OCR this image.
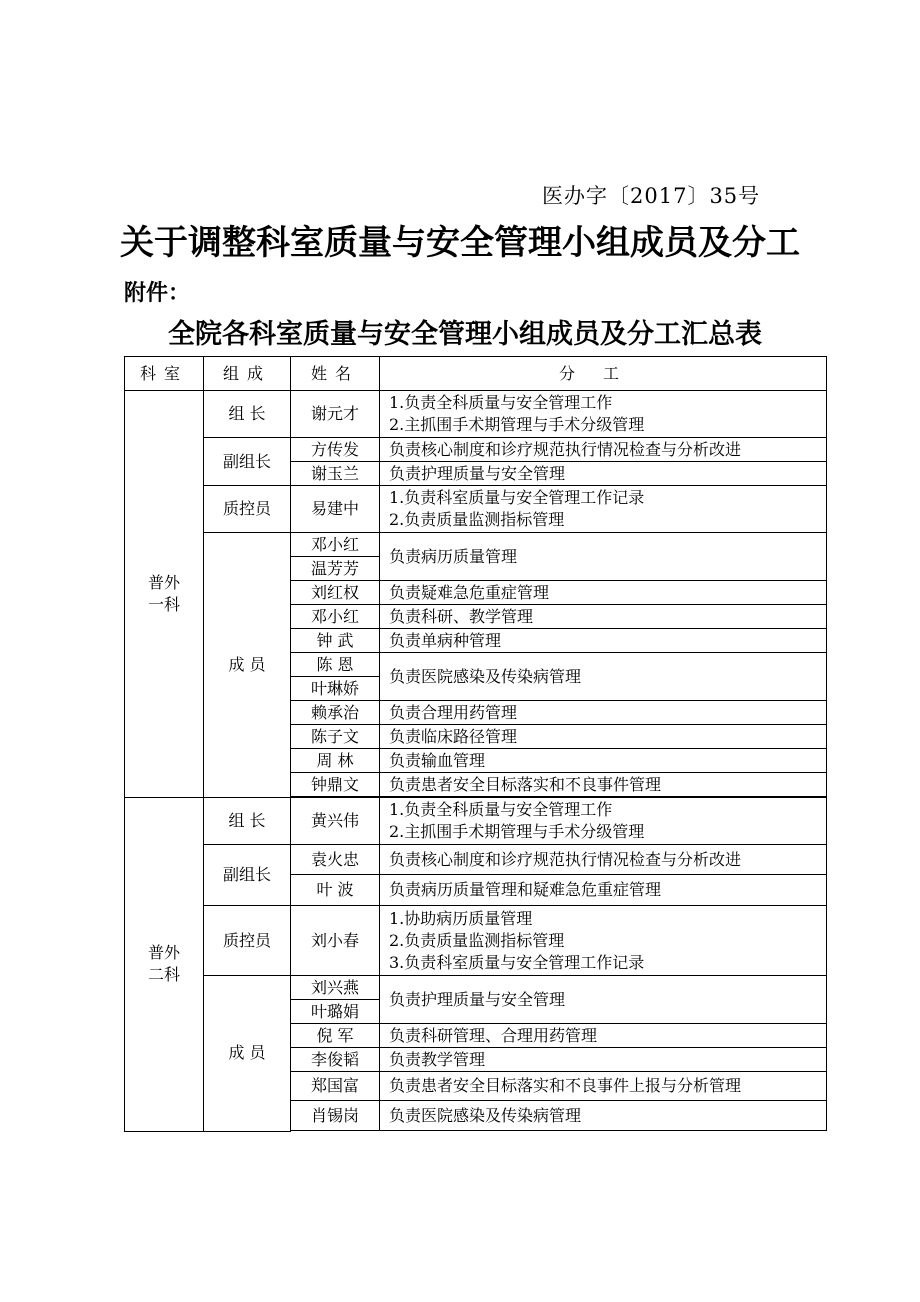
医办字〔2017〕35号
关于调整科室质量与安全管理小组成员及分工
附件：
全院各科室质量与安全管理小组成员及分工汇总表
科室	组成	姓名	分工

普外
一科	组 长	谢元才	1.负责全科质量与安全管理工作
2.主抓围手术期管理与手术分级管理

	副组长	方传发	负责核心制度和诊疗规范执行情况检查与分析改进
		谢玉兰	负责护理质量与安全管理
	质控员	易建中	1.负责科室质量与安全管理工作记录
2.负责质量监测指标管理

	成 员	邓小红	负责病历质量管理
		温芳芳	
		刘红权	负责疑难急危重症管理
		邓小红	负责科研、教学管理
		钟 武	负责单病种管理
		陈 恩	负责医院感染及传染病管理
		叶琳娇	
		赖承治	负责合理用药管理
		陈子文	负责临床路径管理
		周 林	负责输血管理
		钟鼎文	负责患者安全目标落实和不良事件管理

普外
二科	组 长	黄兴伟	1.负责全科质量与安全管理工作
2.主抓围手术期管理与手术分级管理

	副组长	袁火忠	负责核心制度和诊疗规范执行情况检查与分析改进
		叶 波	负责病历质量管理和疑难急危重症管理
	质控员	刘小春	1.协助病历质量管理
2.负责质量监测指标管理
3.负责科室质量与安全管理工作记录

	成 员	刘兴燕	负责护理质量与安全管理
		叶璐娟	
		倪 军	负责科研管理、合理用药管理
		李俊韬	负责教学管理
		郑国富	负责患者安全目标落实和不良事件上报与分析管理
		肖锡岗	负责医院感染及传染病管理
